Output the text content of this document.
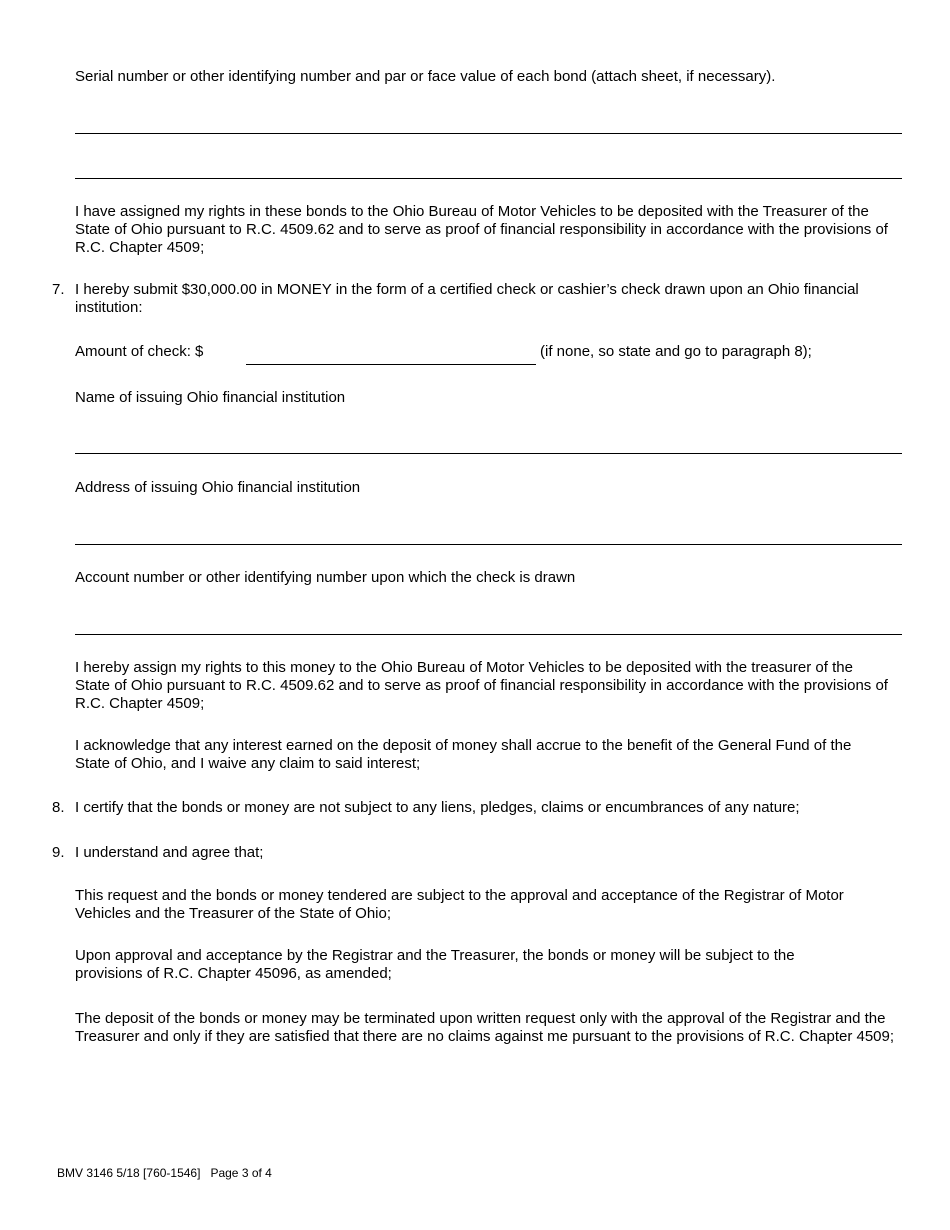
Serial number or other identifying number and par or face value of each bond (attach sheet, if necessary).
I have assigned my rights in these bonds to the Ohio Bureau of Motor Vehicles to be deposited with the Treasurer of the State of Ohio pursuant to R.C. 4509.62 and to serve as proof of financial responsibility in accordance with the provisions of R.C. Chapter 4509;
7. I hereby submit $30,000.00 in MONEY in the form of a certified check or cashier’s check drawn upon an Ohio financial institution:
Amount of check: $	(if none, so state and go to paragraph 8);
Name of issuing Ohio financial institution
Address of issuing Ohio financial institution
Account number or other identifying number upon which the check is drawn
I hereby assign my rights to this money to the Ohio Bureau of Motor Vehicles to be deposited with the treasurer of the State of Ohio pursuant to R.C. 4509.62 and to serve as proof of financial responsibility in accordance with the provisions of R.C. Chapter 4509;
I acknowledge that any interest earned on the deposit of money shall accrue to the benefit of the General Fund of the State of Ohio, and I waive any claim to said interest;
8. I certify that the bonds or money are not subject to any liens, pledges, claims or encumbrances of any nature;
9. I understand and agree that;
This request and the bonds or money tendered are subject to the approval and acceptance of the Registrar of Motor Vehicles and the Treasurer of the State of Ohio;
Upon approval and acceptance by the Registrar and the Treasurer, the bonds or money will be subject to the provisions of R.C. Chapter 45096, as amended;
The deposit of the bonds or money may be terminated upon written request only with the approval of the Registrar and the Treasurer and only if they are satisfied that there are no claims against me pursuant to the provisions of R.C. Chapter 4509;
BMV 3146 5/18 [760-1546] Page 3 of 4
